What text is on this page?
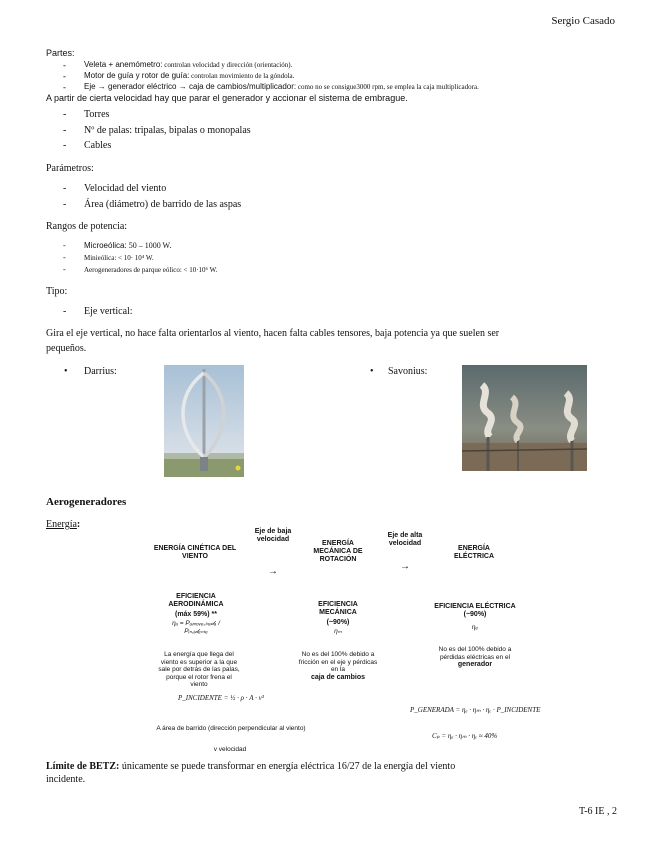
Sergio Casado
Partes:
- Veleta + anemómetro: controlan velocidad y dirección (orientación).
- Motor de guía y rotor de guía: controlan movimiento de la góndola.
- Eje → generador eléctrico → caja de cambios/multiplicador: como no se consigue3000 rpm, se emplea la caja multiplicadora.
A partir de cierta velocidad hay que parar el generador y accionar el sistema de embrague.
- Torres
- Nº de palas: tripalas, bipalas o monopalas
- Cables
Parámetros:
- Velocidad del viento
- Área (diámetro) de barrido de las aspas
Rangos de potencia:
- Microeólica: 50 – 1000 W.
-	Minieólica: < 10· 10⁴ W.
-	Aerogeneradores de parque eólico: < 10·10⁶ W.
Tipo:
- Eje vertical:
Gira el eje vertical, no hace falta orientarlos al viento, hacen falta cables tensores, baja potencia ya que suelen ser
pequeños.
• Darrius:	• Savonius:
Aerogeneradores
Energía:
ENERGÍA CINÉTICA DEL VIENTO
Eje de baja velocidad
→
ENERGÍA MECÁNICA DE ROTACIÓN
Eje de alta velocidad
→
ENERGÍA ELÉCTRICA
EFICIENCIA AERODINÁMICA
(máx 59%) **
ηₐ = Pₐₚᵣₒᵥₑ꜀ₕₐ𝒹ₐ / Pᵢₙ꜀ᵢ𝒹ₑₙₜₑ
EFICIENCIA MECÁNICA
(~90%)
ηₘ
EFICIENCIA ELÉCTRICA (~90%)
ηₑ
La energía que llega del viento es superior a la que sale por detrás de las palas, porque el rotor frena el viento
No es del 100% debido a fricción en el eje y pérdicas en la
caja de cambios
No es del 100% debido a pérdidas eléctricas en el
generador
P_INCIDENTE = ½ · ρ · A · v³
P_GENERADA = ηₐ · ηₘ · ηₑ · P_INCIDENTE
A área de barrido (dirección perpendicular al viento)
v velocidad
Cₚ = ηₐ · ηₘ · ηₑ ≈ 40%
Límite de BETZ: únicamente se puede transformar en energía eléctrica 16/27 de la energía del viento
incidente.
T-6 IE , 2
